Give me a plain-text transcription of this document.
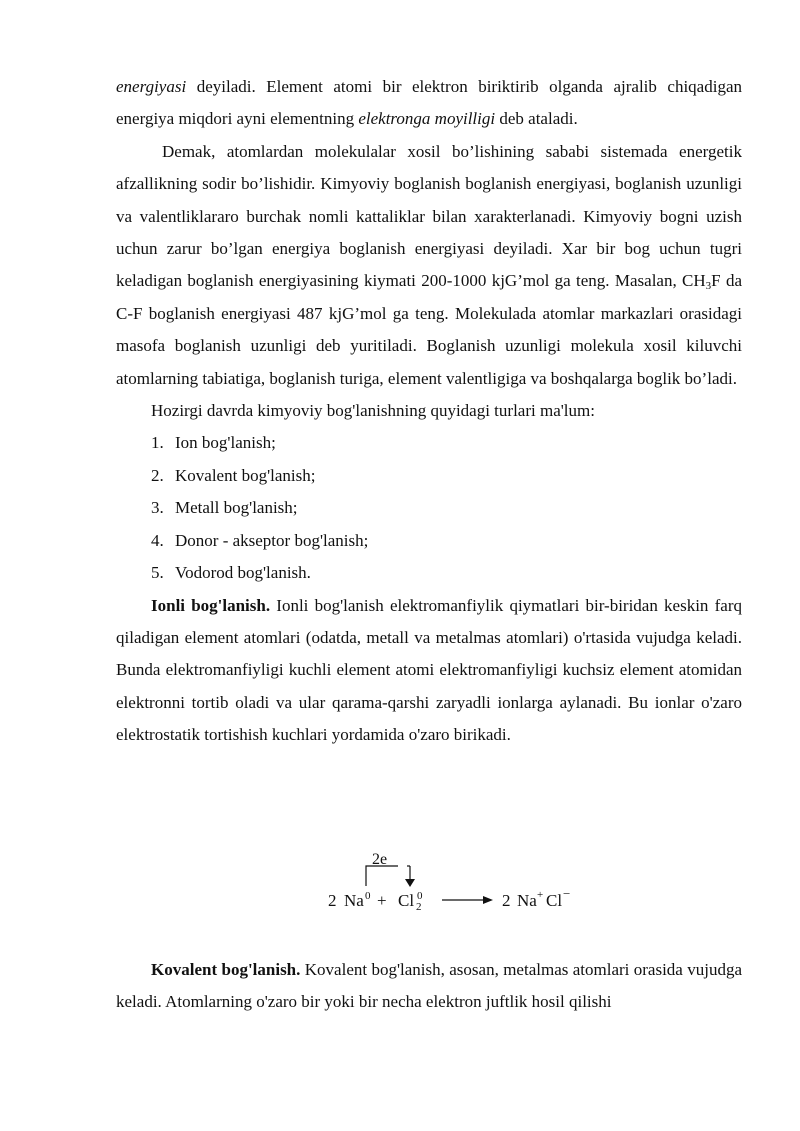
energiyasi deyiladi. Element atomi bir elektron biriktirib olganda ajralib chiqadigan energiya miqdori ayni elementning elektronga moyilligi deb ataladi.

Demak, atomlardan molekulalar xosil bo’lishining sababi sistemada energetik afzallikning sodir bo’lishidir. Kimyoviy boglanish boglanish energiyasi, boglanish uzunligi va valentliklararo burchak nomli kattaliklar bilan xarakterlanadi. Kimyoviy bogni uzish uchun zarur bo’lgan energiya boglanish energiyasi deyiladi. Xar bir bog uchun tugri keladigan boglanish energiyasining kiymati 200-1000 kjG’mol ga teng. Masalan, $CH_3F$ da C-F boglanish energiyasi 487 kjG’mol ga teng. Molekulada atomlar markazlari orasidagi masofa boglanish uzunligi deb yuritiladi. Boglanish uzunligi molekula xosil kiluvchi atomlarning tabiatiga, boglanish turiga, element valentligiga va boshqalarga boglik bo’ladi.

Hozirgi davrda kimyoviy bog'lanishning quyidagi turlari ma'lum:

1. Ion bog'lanish;
2. Kovalent bog'lanish;
3. Metall bog'lanish;
4. Donor - akseptor bog'lanish;
5. Vodorod bog'lanish.

Ionli bog'lanish. Ionli bog'lanish elektromanfiylik qiymatlari bir-biridan keskin farq qiladigan element atomlari (odatda, metall va metalmas atomlari) o'rtasida vujudga keladi. Bunda elektromanfiyligi kuchli element atomi elektromanfiyligi kuchsiz element atomidan elektronni tortib oladi va ular qarama-qarshi zaryadli ionlarga aylanadi. Bu ionlar o'zaro elektrostatik tortishish kuchlari yordamida o'zaro birikadi.

2e
2 Na 0 + Cl 2
0	2 Na + Cl −

Kovalent bog'lanish. Kovalent bog'lanish, asosan, metalmas atomlari orasida vujudga keladi. Atomlarning o'zaro bir yoki bir necha elektron juftlik hosil qilishi
